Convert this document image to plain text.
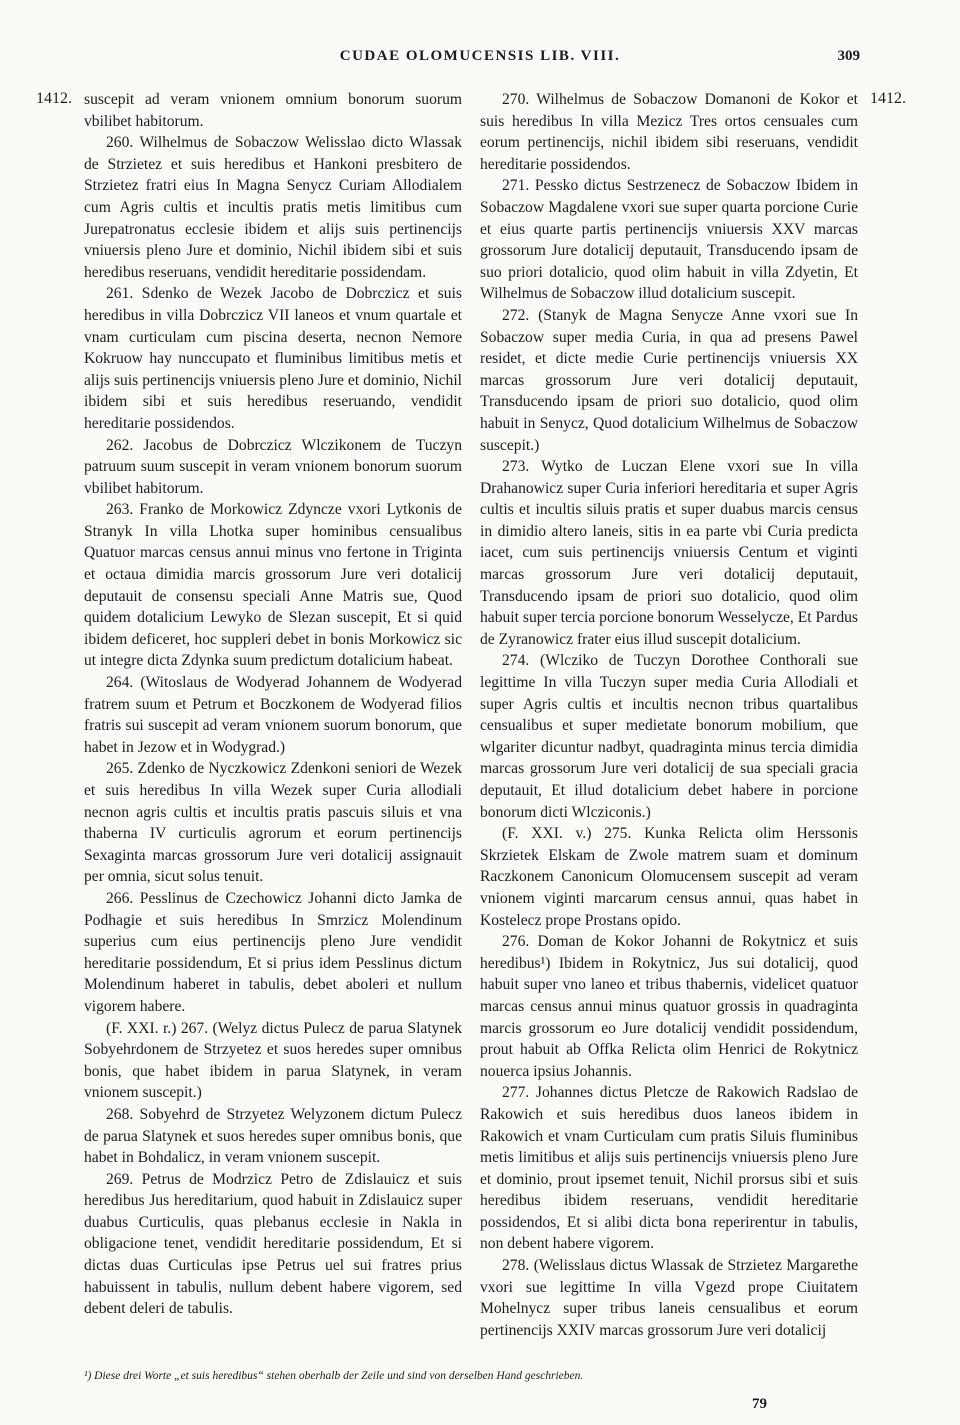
CUDAE OLOMUCENSIS LIB. VIII.	309
1412.	1412.

suscepit ad veram vnionem omnium bonorum suorum vbilibet habitorum.

260. Wilhelmus de Sobaczow Welisslao dicto Wlassak de Strzietez et suis heredibus et Hankoni presbitero de Strzietez fratri eius In Magna Senycz Curiam Allodialem cum Agris cultis et incultis pratis metis limitibus cum Jurepatronatus ecclesie ibidem et alijs suis pertinencijs vniuersis pleno Jure et dominio, Nichil ibidem sibi et suis heredibus reseruans, vendidit hereditarie possidendam.

261. Sdenko de Wezek Jacobo de Dobrczicz et suis heredibus in villa Dobrczicz VII laneos et vnum quartale et vnam curticulam cum piscina deserta, necnon Nemore Kokruow hay nunccupato et fluminibus limitibus metis et alijs suis pertinencijs vniuersis pleno Jure et dominio, Nichil ibidem sibi et suis heredibus reseruando, vendidit hereditarie possidendos.

262. Jacobus de Dobrczicz Wlczikonem de Tuczyn patruum suum suscepit in veram vnionem bonorum suorum vbilibet habitorum.

263. Franko de Morkowicz Zdyncze vxori Lytkonis de Stranyk In villa Lhotka super hominibus censualibus Quatuor marcas census annui minus vno fertone in Triginta et octaua dimidia marcis grossorum Jure veri dotalicij deputauit de consensu speciali Anne Matris sue, Quod quidem dotalicium Lewyko de Slezan suscepit, Et si quid ibidem deficeret, hoc suppleri debet in bonis Morkowicz sic ut integre dicta Zdynka suum predictum dotalicium habeat.

264. (Witoslaus de Wodyerad Johannem de Wodyerad fratrem suum et Petrum et Boczkonem de Wodyerad filios fratris sui suscepit ad veram vnionem suorum bonorum, que habet in Jezow et in Wodygrad.)

265. Zdenko de Nyczkowicz Zdenkoni seniori de Wezek et suis heredibus In villa Wezek super Curia allodiali necnon agris cultis et incultis pratis pascuis siluis et vna thaberna IV curticulis agrorum et eorum pertinencijs Sexaginta marcas grossorum Jure veri dotalicij assignauit per omnia, sicut solus tenuit.

266. Pesslinus de Czechowicz Johanni dicto Jamka de Podhagie et suis heredibus In Smrzicz Molendinum superius cum eius pertinencijs pleno Jure vendidit hereditarie possidendum, Et si prius idem Pesslinus dictum Molendinum haberet in tabulis, debet aboleri et nullum vigorem habere.

(F. XXI. r.) 267. (Welyz dictus Pulecz de parua Slatynek Sobyehrdonem de Strzyetez et suos heredes super omnibus bonis, que habet ibidem in parua Slatynek, in veram vnionem suscepit.)

268. Sobyehrd de Strzyetez Welyzonem dictum Pulecz de parua Slatynek et suos heredes super omnibus bonis, que habet in Bohdalicz, in veram vnionem suscepit.

269. Petrus de Modrzicz Petro de Zdislauicz et suis heredibus Jus hereditarium, quod habuit in Zdislauicz super duabus Curticulis, quas plebanus ecclesie in Nakla in obligacione tenet, vendidit hereditarie possidendum, Et si dictas duas Curticulas ipse Petrus uel sui fratres prius habuissent in tabulis, nullum debent habere vigorem, sed debent deleri de tabulis.

270. Wilhelmus de Sobaczow Domanoni de Kokor et suis heredibus In villa Mezicz Tres ortos censuales cum eorum pertinencijs, nichil ibidem sibi reseruans, vendidit hereditarie possidendos.

271. Pessko dictus Sestrzenecz de Sobaczow Ibidem in Sobaczow Magdalene vxori sue super quarta porcione Curie et eius quarte partis pertinencijs vniuersis XXV marcas grossorum Jure dotalicij deputauit, Transducendo ipsam de suo priori dotalicio, quod olim habuit in villa Zdyetin, Et Wilhelmus de Sobaczow illud dotalicium suscepit.

272. (Stanyk de Magna Senycze Anne vxori sue In Sobaczow super media Curia, in qua ad presens Pawel residet, et dicte medie Curie pertinencijs vniuersis XX marcas grossorum Jure veri dotalicij deputauit, Transducendo ipsam de priori suo dotalicio, quod olim habuit in Senycz, Quod dotalicium Wilhelmus de Sobaczow suscepit.)

273. Wytko de Luczan Elene vxori sue In villa Drahanowicz super Curia inferiori hereditaria et super Agris cultis et incultis siluis pratis et super duabus marcis census in dimidio altero laneis, sitis in ea parte vbi Curia predicta iacet, cum suis pertinencijs vniuersis Centum et viginti marcas grossorum Jure veri dotalicij deputauit, Transducendo ipsam de priori suo dotalicio, quod olim habuit super tercia porcione bonorum Wesselycze, Et Pardus de Zyranowicz frater eius illud suscepit dotalicium.

274. (Wlcziko de Tuczyn Dorothee Conthorali sue legittime In villa Tuczyn super media Curia Allodiali et super Agris cultis et incultis necnon tribus quartalibus censualibus et super medietate bonorum mobilium, que wlgariter dicuntur nadbyt, quadraginta minus tercia dimidia marcas grossorum Jure veri dotalicij de sua speciali gracia deputauit, Et illud dotalicium debet habere in porcione bonorum dicti Wlcziconis.)

(F. XXI. v.) 275. Kunka Relicta olim Herssonis Skrzietek Elskam de Zwole matrem suam et dominum Raczkonem Canonicum Olomucensem suscepit ad veram vnionem viginti marcarum census annui, quas habet in Kostelecz prope Prostans opido.

276. Doman de Kokor Johanni de Rokytnicz et suis heredibus¹) Ibidem in Rokytnicz, Jus sui dotalicij, quod habuit super vno laneo et tribus thabernis, videlicet quatuor marcas census annui minus quatuor grossis in quadraginta marcis grossorum eo Jure dotalicij vendidit possidendum, prout habuit ab Offka Relicta olim Henrici de Rokytnicz nouerca ipsius Johannis.

277. Johannes dictus Pletcze de Rakowich Radslao de Rakowich et suis heredibus duos laneos ibidem in Rakowich et vnam Curticulam cum pratis Siluis fluminibus metis limitibus et alijs suis pertinencijs vniuersis pleno Jure et dominio, prout ipsemet tenuit, Nichil prorsus sibi et suis heredibus ibidem reseruans, vendidit hereditarie possidendos, Et si alibi dicta bona reperirentur in tabulis, non debent habere vigorem.

278. (Welisslaus dictus Wlassak de Strzietez Margarethe vxori sue legittime In villa Vgezd prope Ciuitatem Mohelnycz super tribus laneis censualibus et eorum pertinencijs XXIV marcas grossorum Jure veri dotalicij

¹) Diese drei Worte „et suis heredibus“ stehen oberhalb der Zeile und sind von derselben Hand geschrieben.
79
